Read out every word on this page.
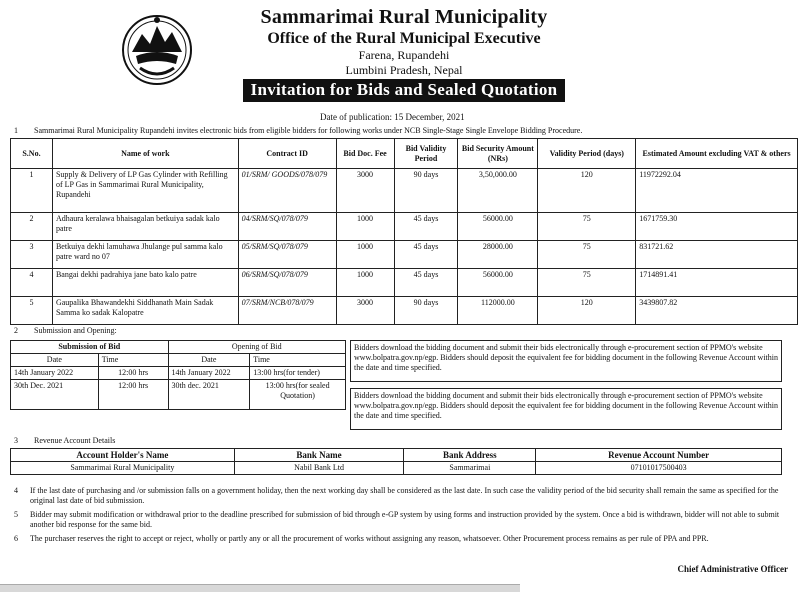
Sammarimai Rural Municipality
Office of the Rural Municipal Executive
Farena, Rupandehi
Lumbini Pradesh, Nepal
Invitation for Bids and Sealed Quotation
Date of publication: 15 December, 2021
1 Sammarimai Rural Municipality Rupandehi invites electronic bids from eligible bidders for following works under NCB Single-Stage Single Envelope Bidding Procedure.
S.No.	Name of work	Contract ID	Bid Doc. Fee	Bid Validity Period	Bid Security Amount (NRs)	Validity Period (days)	Estimated Amount excluding VAT & others
1	Supply & Delivery of LP Gas Cylinder with Refilling of LP Gas in Sammarimai Rural Municipality, Rupandehi	01/SRM/ GOODS/078/079	3000	90 days	3,50,000.00	120	11972292.04
2	Adhaura keralawa bhaisagalan betkuiya sadak kalo patre	04/SRM/SQ/078/079	1000	45 days	56000.00	75	1671759.30
3	Betkuiya dekhi lamuhawa Jhulange pul samma kalo patre ward no 07	05/SRM/SQ/078/079	1000	45 days	28000.00	75	831721.62
4	Bangai dekhi padrahiya jane bato kalo patre	06/SRM/SQ/078/079	1000	45 days	56000.00	75	1714891.41
5	Gaupalika Bhawandekhi Siddhanath Main Sadak Samma ko sadak Kalopatre	07/SRM/NCB/078/079	3000	90 days	112000.00	120	3439807.82
2 Submission and Opening:
Submission of Bid		Opening of Bid	
Date	Time	Date	Time
14th January 2022	12:00 hrs	14th January 2022	13:00 hrs(for tender)
30th Dec. 2021	12:00 hrs	30th dec. 2021	13:00 hrs(for sealed Quotation)
Bidders download the bidding document and submit their bids electronically through e-procurement section of PPMO's website www.bolpatra.gov.np/egp. Bidders should deposit the equivalent fee for bidding document in the following Revenue Account within the date and time specified.
Bidders download the bidding document and submit their bids electronically through e-procurement section of PPMO's website www.bolpatra.gov.np/egp. Bidders should deposit the equivalent fee for bidding document in the following Revenue Account within the date and time specified.
3 Revenue Account Details
Account Holder's Name	Bank Name	Bank Address	Revenue Account Number
Sammarimai Rural Municipality	Nabil Bank Ltd	Sammarimai	07101017500403
4 If the last date of purchasing and /or submission falls on a government holiday, then the next working day shall be considered as the last date. In such case the validity period of the bid security shall remain the same as specified for the original last date of bid submission.
5 Bidder may submit modification or withdrawal prior to the deadline prescribed for submission of bid through e-GP system by using forms and instruction provided by the system. Once a bid is withdrawn, bidder will not able to submit another bid response for the same bid.
6 The purchaser reserves the right to accept or reject, wholly or partly any or all the procurement of works without assigning any reason, whatsoever. Other Procurement process remains as per rule of PPA and PPR.
Chief Administrative Officer
